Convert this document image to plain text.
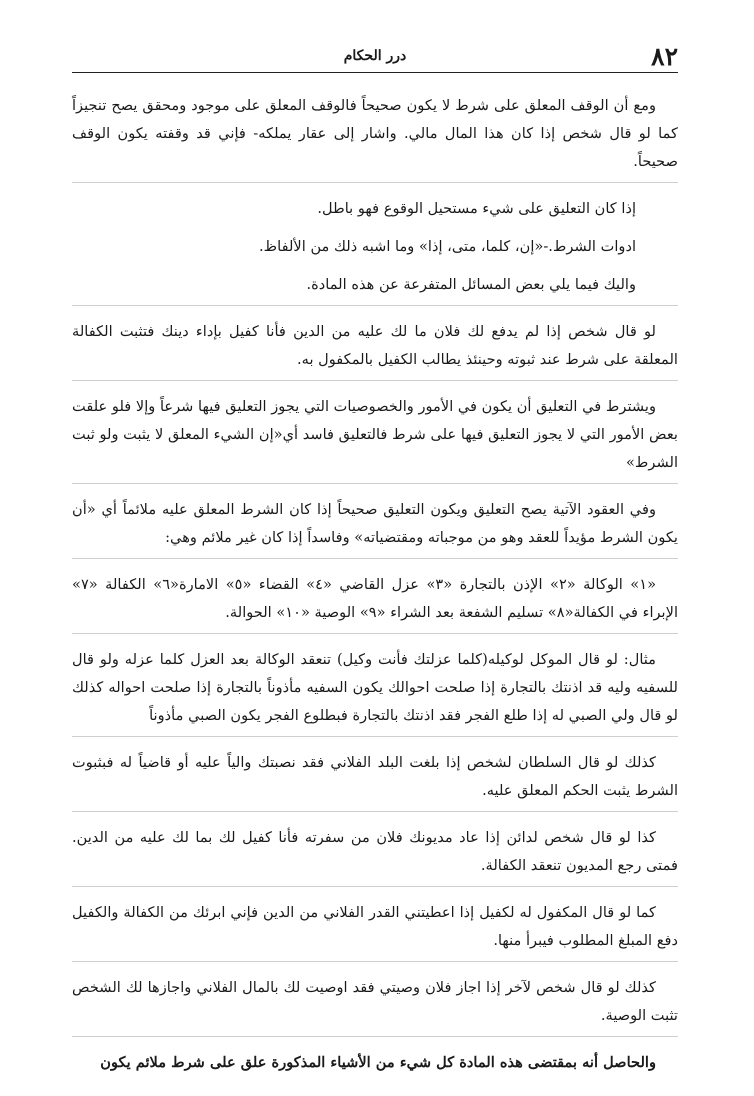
٨٢
درر الحكام

ومع أن الوقف المعلق على شرط لا يكون صحيحاً فالوقف المعلق على موجود ومحقق يصح تنجيزاً كما لو قال شخص إذا كان هذا المال مالي. واشار إلى عقار يملكه- فإني قد وقفته يكون الوقف صحيحاً.

إذا كان التعليق على شيء مستحيل الوقوع فهو باطل.

ادوات الشرط.-«إن، كلما، متى، إذا» وما اشبه ذلك من الألفاظ.

واليك فيما يلي بعض المسائل المتفرعة عن هذه المادة.

لو قال شخص إذا لم يدفع لك فلان ما لك عليه من الدين فأنا كفيل بإداء دينك فتثبت الكفالة المعلقة على شرط عند ثبوته وحينئذ يطالب الكفيل بالمكفول به.

ويشترط في التعليق أن يكون في الأمور والخصوصيات التي يجوز التعليق فيها شرعاً وإلا فلو علقت بعض الأمور التي لا يجوز التعليق فيها على شرط فالتعليق فاسد أي«إن الشيء المعلق لا يثبت ولو ثبت الشرط»

وفي العقود الآتية يصح التعليق ويكون التعليق صحيحاً إذا كان الشرط المعلق عليه ملائماً أي «أن يكون الشرط مؤيداً للعقد وهو من موجباته ومقتضياته» وفاسداً إذا كان غير ملائم وهي:

«١» الوكالة «٢» الإذن بالتجارة «٣» عزل القاضي «٤» القضاء «٥» الامارة«٦» الكفالة «٧» الإبراء في الكفالة«٨» تسليم الشفعة بعد الشراء «٩» الوصية «١٠» الحوالة.

مثال: لو قال الموكل لوكيله(كلما عزلتك فأنت وكيل) تنعقد الوكالة بعد العزل كلما عزله ولو قال للسفيه وليه قد اذنتك بالتجارة إذا صلحت احوالك يكون السفيه مأذوناً بالتجارة إذا صلحت احواله كذلك لو قال ولي الصبي له إذا طلع الفجر فقد اذنتك بالتجارة فبطلوع الفجر يكون الصبي مأذوناً

كذلك لو قال السلطان لشخص إذا بلغت البلد الفلاني فقد نصبتك والياً عليه أو قاضياً له فبثبوت الشرط يثبت الحكم المعلق عليه.

كذا لو قال شخص لدائن إذا عاد مديونك فلان من سفرته فأنا كفيل لك بما لك عليه من الدين. فمتى رجع المديون تنعقد الكفالة.

كما لو قال المكفول له لكفيل إذا اعطيتني القدر الفلاني من الدين فإني ابرئك من الكفالة والكفيل دفع المبلغ المطلوب فيبرأ منها.

كذلك لو قال شخص لآخر إذا اجاز فلان وصيتي فقد اوصيت لك بالمال الفلاني واجازها لك الشخص تثبت الوصية.

والحاصل أنه بمقتضى هذه المادة كل شيء من الأشياء المذكورة علق على شرط ملائم يكون
